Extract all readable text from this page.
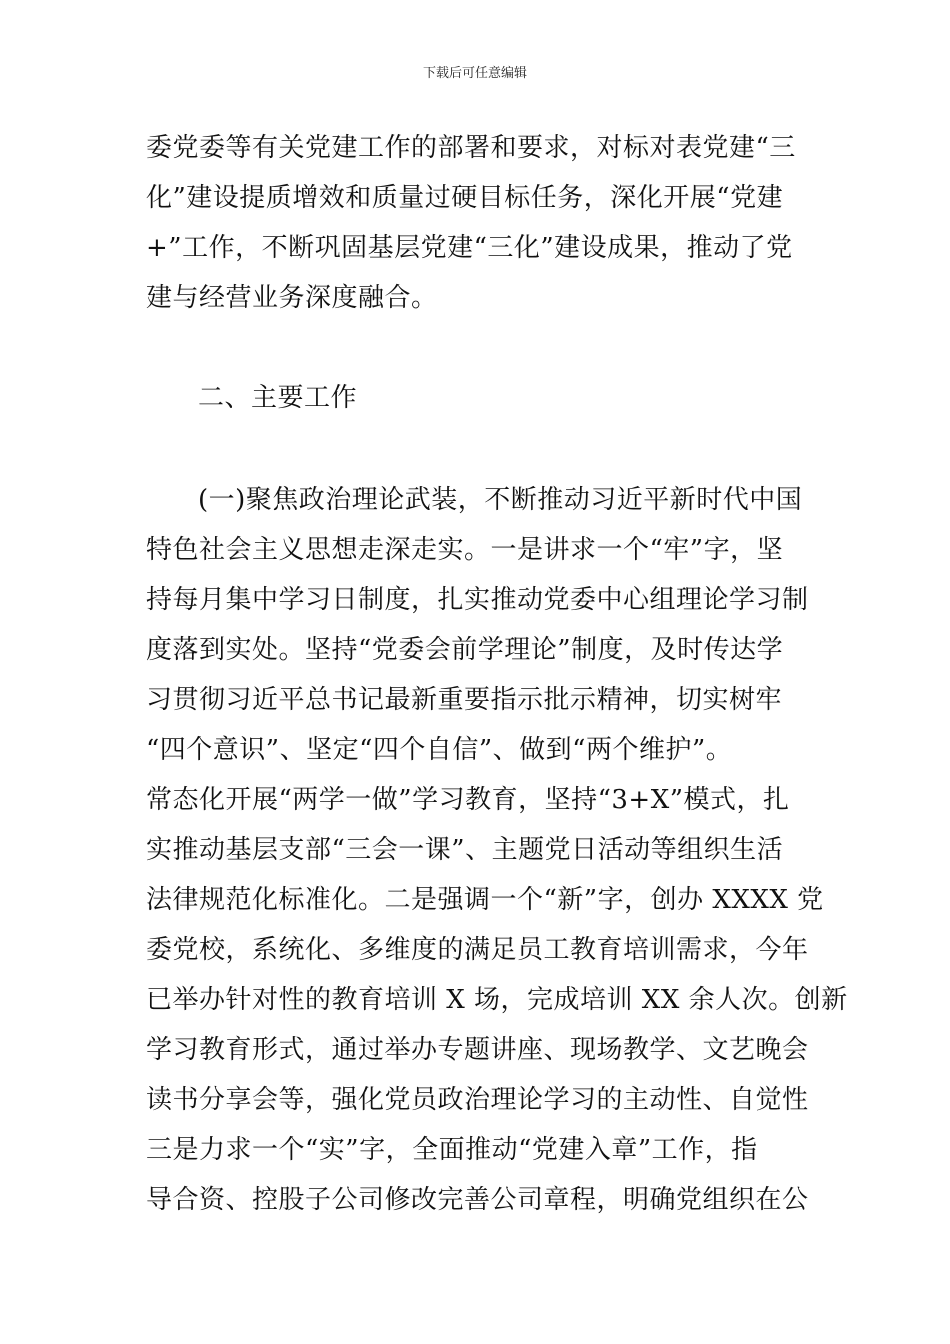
下载后可任意编辑
委党委等有关党建工作的部署和要求，对标对表党建“三
化”建设提质增效和质量过硬目标任务，深化开展“党建
+”工作，不断巩固基层党建“三化”建设成果，推动了党
建与经营业务深度融合。
二、主要工作
(一)聚焦政治理论武装，不断推动习近平新时代中国
特色社会主义思想走深走实。一是讲求一个“牢”字，坚
持每月集中学习日制度，扎实推动党委中心组理论学习制
度落到实处。坚持“党委会前学理论”制度，及时传达学
习贯彻习近平总书记最新重要指示批示精神，切实树牢
“四个意识”、坚定“四个自信”、做到“两个维护”。
常态化开展“两学一做”学习教育，坚持“3+X”模式，扎
实推动基层支部“三会一课”、主题党日活动等组织生活
法律规范化标准化。二是强调一个“新”字，创办 XXXX 党
委党校，系统化、多维度的满足员工教育培训需求，今年
已举办针对性的教育培训 X 场，完成培训 XX 余人次。创新
学习教育形式，通过举办专题讲座、现场教学、文艺晚会
读书分享会等，强化党员政治理论学习的主动性、自觉性
三是力求一个“实”字，全面推动“党建入章”工作，指
导合资、控股子公司修改完善公司章程，明确党组织在公
